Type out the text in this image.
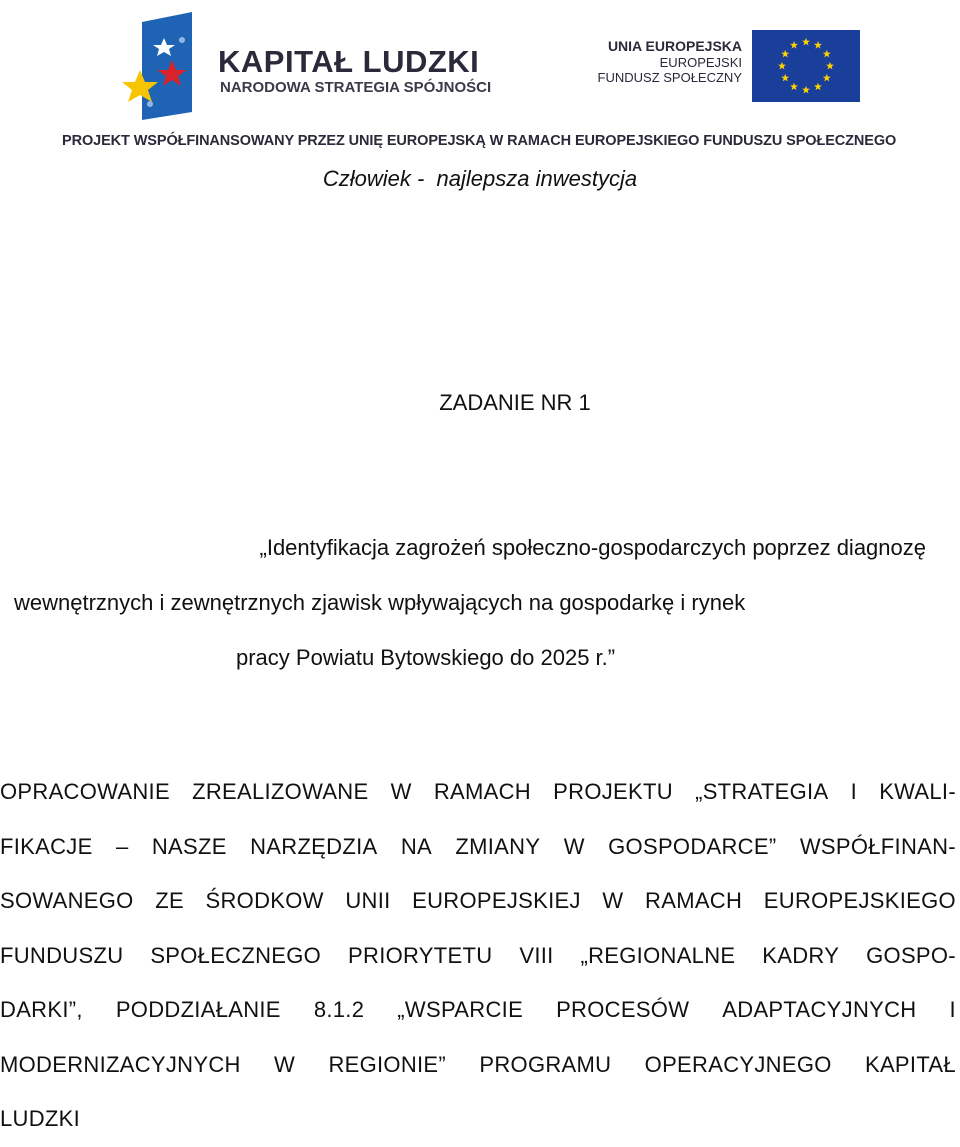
KAPITAŁ LUDZKI
NARODOWA STRATEGIA SPÓJNOŚCI
UNIA EUROPEJSKA
EUROPEJSKI
FUNDUSZ SPOŁECZNY
PROJEKT WSPÓŁFINANSOWANY PRZEZ UNIĘ EUROPEJSKĄ W RAMACH EUROPEJSKIEGO FUNDUSZU SPOŁECZNEGO
Człowiek -  najlepsza inwestycja
ZADANIE NR 1
„Identyfikacja zagrożeń społeczno-gospodarczych poprzez diagnozę
wewnętrznych i zewnętrznych zjawisk wpływających na gospodarkę i rynek
pracy Powiatu Bytowskiego do 2025 r.”
OPRACOWANIE ZREALIZOWANE W RAMACH PROJEKTU „STRATEGIA I KWALI-
FIKACJE – NASZE NARZĘDZIA NA ZMIANY W GOSPODARCE” WSPÓŁFINAN-
SOWANEGO ZE ŚRODKOW UNII EUROPEJSKIEJ W RAMACH EUROPEJSKIEGO
FUNDUSZU SPOŁECZNEGO PRIORYTETU VIII „REGIONALNE KADRY GOSPO-
DARKI”, PODDZIAŁANIE 8.1.2 „WSPARCIE PROCESÓW ADAPTACYJNYCH I
MODERNIZACYJNYCH W REGIONIE” PROGRAMU OPERACYJNEGO KAPITAŁ
LUDZKI
